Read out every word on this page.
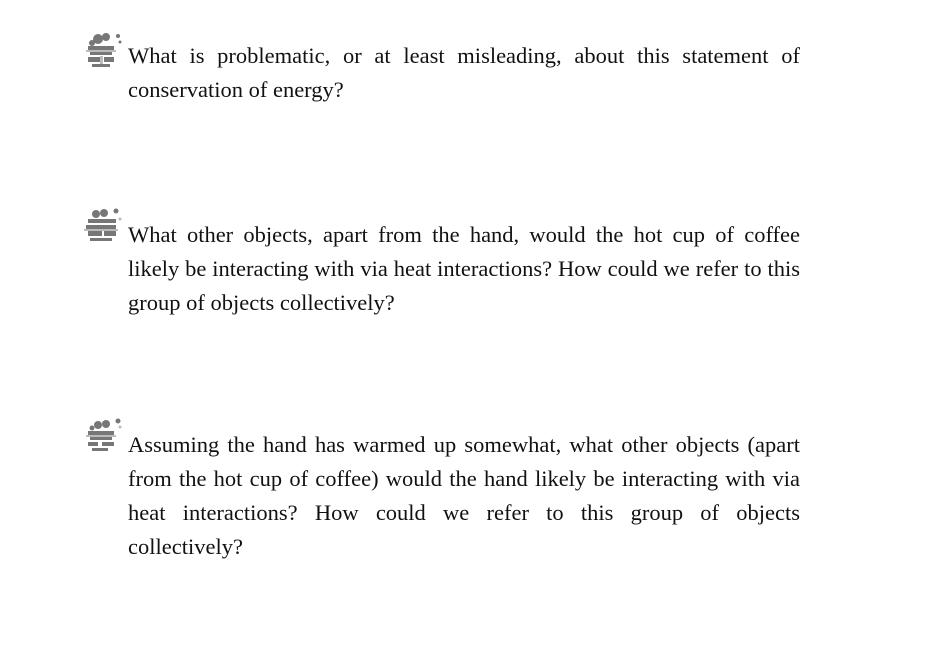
What is problematic, or at least misleading, about this statement of conservation of energy?

What other objects, apart from the hand, would the hot cup of coffee likely be interacting with via heat interactions? How could we refer to this group of objects collectively?

Assuming the hand has warmed up somewhat, what other objects (apart from the hot cup of coffee) would the hand likely be interacting with via heat interactions? How could we refer to this group of objects collectively?
